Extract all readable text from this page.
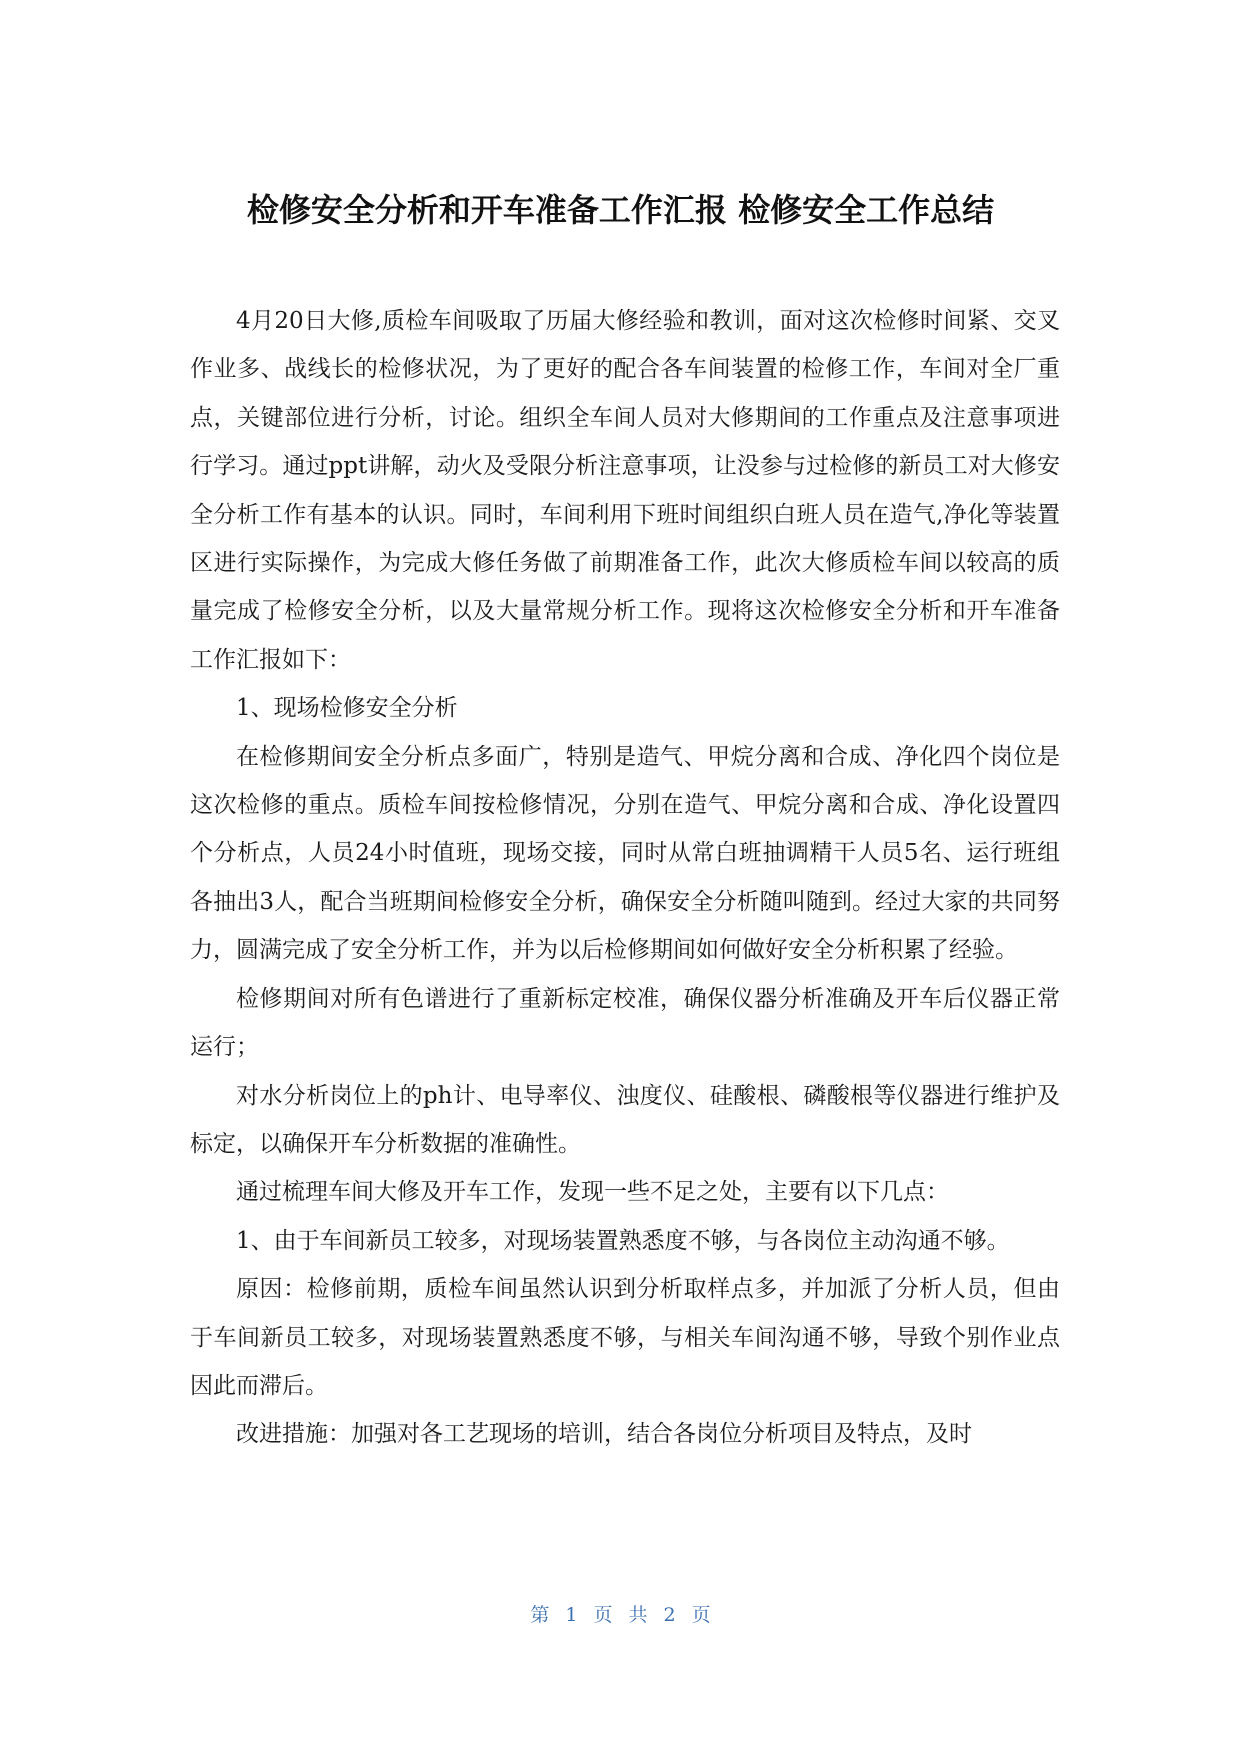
检修安全分析和开车准备工作汇报 检修安全工作总结

4月20日大修,质检车间吸取了历届大修经验和教训，面对这次检修时间紧、交叉作业多、战线长的检修状况，为了更好的配合各车间装置的检修工作，车间对全厂重点，关键部位进行分析，讨论。组织全车间人员对大修期间的工作重点及注意事项进行学习。通过ppt讲解，动火及受限分析注意事项，让没参与过检修的新员工对大修安全分析工作有基本的认识。同时，车间利用下班时间组织白班人员在造气,净化等装置区进行实际操作，为完成大修任务做了前期准备工作，此次大修质检车间以较高的质量完成了检修安全分析，以及大量常规分析工作。现将这次检修安全分析和开车准备工作汇报如下：

1、现场检修安全分析

在检修期间安全分析点多面广，特别是造气、甲烷分离和合成、净化四个岗位是这次检修的重点。质检车间按检修情况，分别在造气、甲烷分离和合成、净化设置四个分析点，人员24小时值班，现场交接，同时从常白班抽调精干人员5名、运行班组各抽出3人，配合当班期间检修安全分析，确保安全分析随叫随到。经过大家的共同努力，圆满完成了安全分析工作，并为以后检修期间如何做好安全分析积累了经验。

检修期间对所有色谱进行了重新标定校准，确保仪器分析准确及开车后仪器正常运行；

对水分析岗位上的ph计、电导率仪、浊度仪、硅酸根、磷酸根等仪器进行维护及标定，以确保开车分析数据的准确性。

通过梳理车间大修及开车工作，发现一些不足之处，主要有以下几点：

1、由于车间新员工较多，对现场装置熟悉度不够，与各岗位主动沟通不够。

原因：检修前期，质检车间虽然认识到分析取样点多，并加派了分析人员，但由于车间新员工较多，对现场装置熟悉度不够，与相关车间沟通不够，导致个别作业点因此而滞后。

改进措施：加强对各工艺现场的培训，结合各岗位分析项目及特点，及时

第 1 页 共 2 页
